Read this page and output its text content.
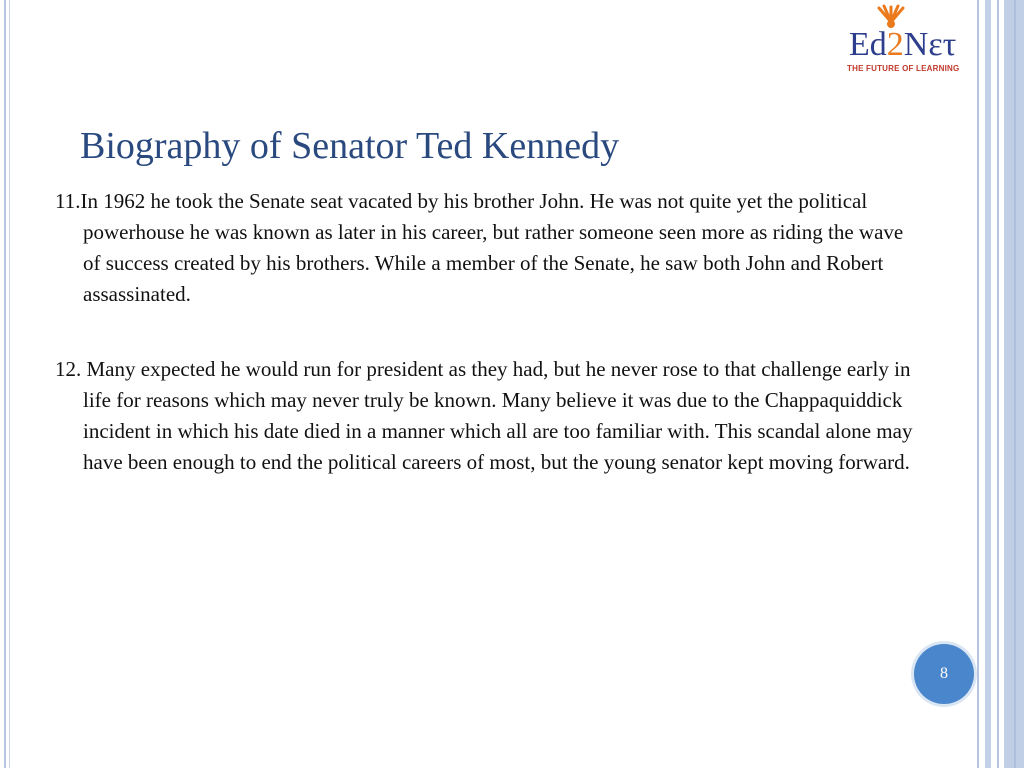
Ed2Nετ
THE FUTURE OF LEARNING
Biography of Senator Ted Kennedy

11.In 1962 he took the Senate seat vacated by his brother John. He was not quite yet the political powerhouse he was known as later in his career, but rather someone seen more as riding the wave of success created by his brothers. While a member of the Senate, he saw both John and Robert assassinated.

12. Many expected he would run for president as they had, but he never rose to that challenge early in life for reasons which may never truly be known. Many believe it was due to the Chappaquiddick incident in which his date died in a manner which all are too familiar with. This scandal alone may have been enough to end the political careers of most, but the young senator kept moving forward.

8
